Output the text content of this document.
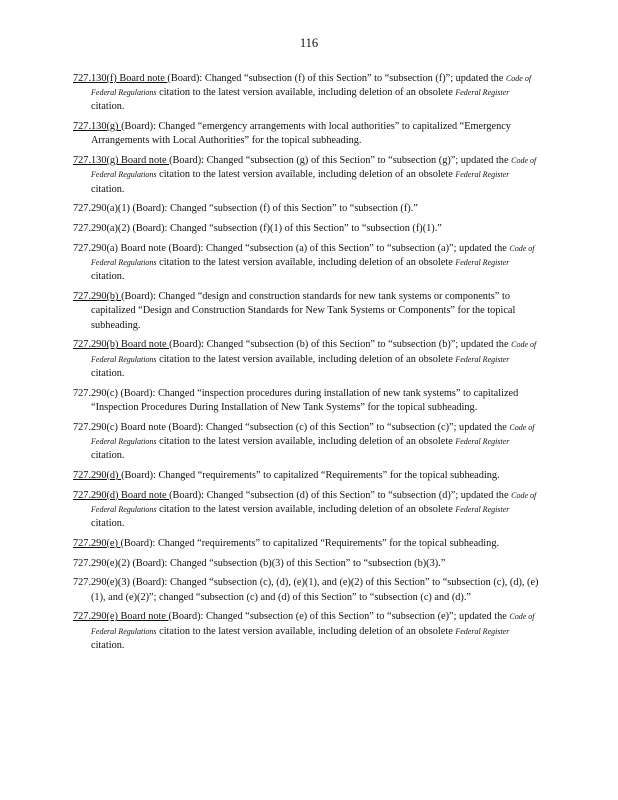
116
727.130(f) Board note (Board): Changed “subsection (f) of this Section” to “subsection (f)”; updated the Code of Federal Regulations citation to the latest version available, including deletion of an obsolete Federal Register citation.
727.130(g) (Board): Changed “emergency arrangements with local authorities” to capitalized “Emergency Arrangements with Local Authorities” for the topical subheading.
727.130(g) Board note (Board): Changed “subsection (g) of this Section” to “subsection (g)”; updated the Code of Federal Regulations citation to the latest version available, including deletion of an obsolete Federal Register citation.
727.290(a)(1) (Board): Changed “subsection (f) of this Section” to “subsection (f).”
727.290(a)(2) (Board): Changed “subsection (f)(1) of this Section” to “subsection (f)(1).”
727.290(a) Board note (Board): Changed “subsection (a) of this Section” to “subsection (a)”; updated the Code of Federal Regulations citation to the latest version available, including deletion of an obsolete Federal Register citation.
727.290(b) (Board): Changed “design and construction standards for new tank systems or components” to capitalized “Design and Construction Standards for New Tank Systems or Components” for the topical subheading.
727.290(b) Board note (Board): Changed “subsection (b) of this Section” to “subsection (b)”; updated the Code of Federal Regulations citation to the latest version available, including deletion of an obsolete Federal Register citation.
727.290(c) (Board): Changed “inspection procedures during installation of new tank systems” to capitalized “Inspection Procedures During Installation of New Tank Systems” for the topical subheading.
727.290(c) Board note (Board): Changed “subsection (c) of this Section” to “subsection (c)”; updated the Code of Federal Regulations citation to the latest version available, including deletion of an obsolete Federal Register citation.
727.290(d) (Board): Changed “requirements” to capitalized “Requirements” for the topical subheading.
727.290(d) Board note (Board): Changed “subsection (d) of this Section” to “subsection (d)”; updated the Code of Federal Regulations citation to the latest version available, including deletion of an obsolete Federal Register citation.
727.290(e) (Board): Changed “requirements” to capitalized “Requirements” for the topical subheading.
727.290(e)(2) (Board): Changed “subsection (b)(3) of this Section” to “subsection (b)(3).”
727.290(e)(3) (Board): Changed “subsection (c), (d), (e)(1), and (e)(2) of this Section” to “subsection (c), (d), (e)(1), and (e)(2)”; changed “subsection (c) and (d) of this Section” to “subsection (c) and (d).”
727.290(e) Board note (Board): Changed “subsection (e) of this Section” to “subsection (e)”; updated the Code of Federal Regulations citation to the latest version available, including deletion of an obsolete Federal Register citation.
